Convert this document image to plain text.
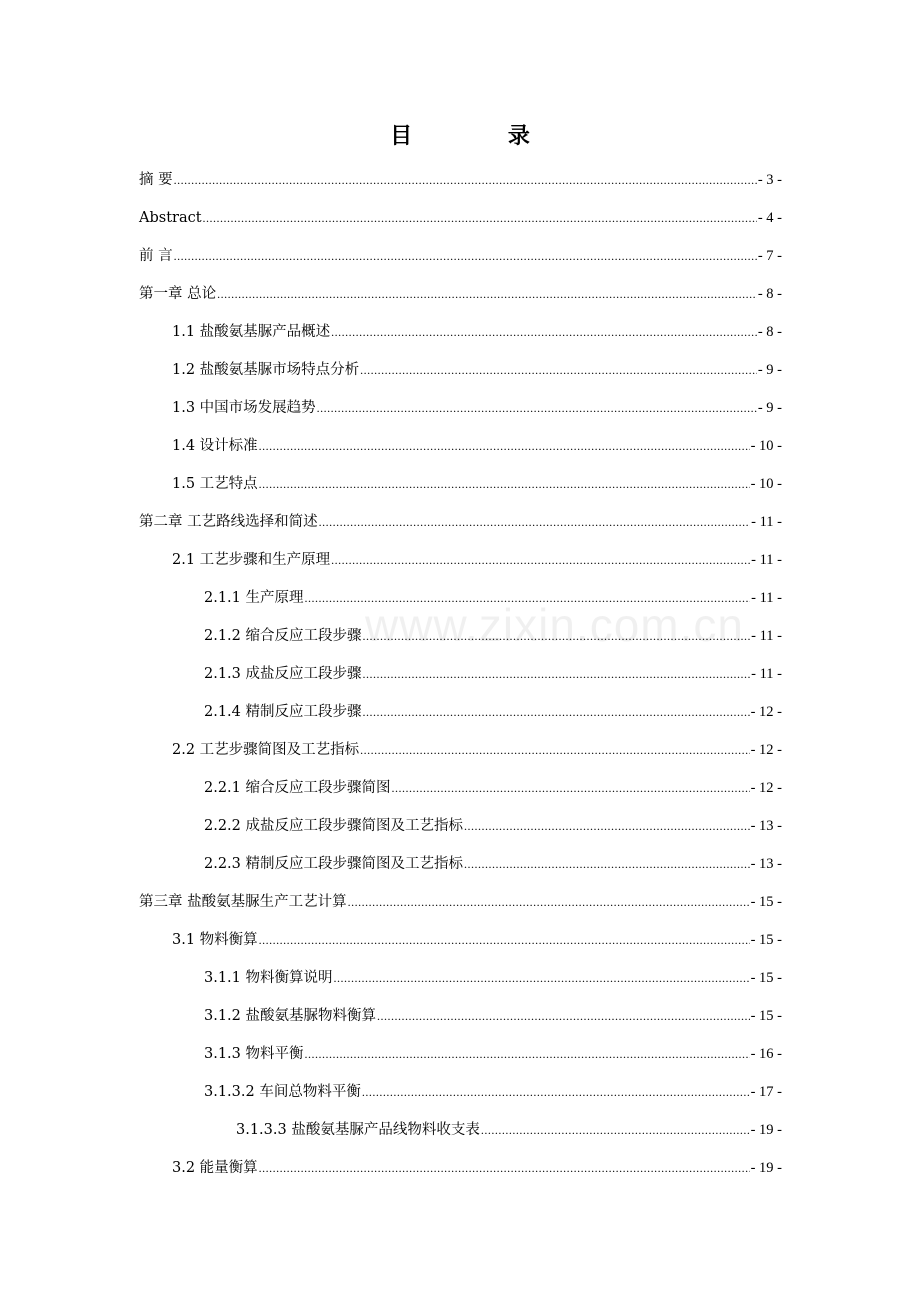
目 录
www.zixin.com.cn
摘 要 .....	- 3 -
Abstract .....	- 4 -
前 言 .....	- 7 -
第一章 总论 .....	- 8 -
1.1 盐酸氨基脲产品概述 .....	- 8 -
1.2 盐酸氨基脲市场特点分析 .....	- 9 -
1.3 中国市场发展趋势 .....	- 9 -
1.4 设计标准 .....	- 10 -
1.5 工艺特点 .....	- 10 -
第二章 工艺路线选择和简述 .....	- 11 -
2.1 工艺步骤和生产原理 .....	- 11 -
2.1.1 生产原理 .....	- 11 -
2.1.2 缩合反应工段步骤 .....	- 11 -
2.1.3 成盐反应工段步骤 .....	- 11 -
2.1.4 精制反应工段步骤 .....	- 12 -
2.2 工艺步骤简图及工艺指标 .....	- 12 -
2.2.1 缩合反应工段步骤简图 .....	- 12 -
2.2.2 成盐反应工段步骤简图及工艺指标 .....	- 13 -
2.2.3 精制反应工段步骤简图及工艺指标 .....	- 13 -
第三章 盐酸氨基脲生产工艺计算 .....	- 15 -
3.1 物料衡算 .....	- 15 -
3.1.1 物料衡算说明 .....	- 15 -
3.1.2 盐酸氨基脲物料衡算 .....	- 15 -
3.1.3 物料平衡 .....	- 16 -
3.1.3.2 车间总物料平衡 .....	- 17 -
3.1.3.3 盐酸氨基脲产品线物料收支表 .....	- 19 -
3.2 能量衡算 .....	- 19 -
